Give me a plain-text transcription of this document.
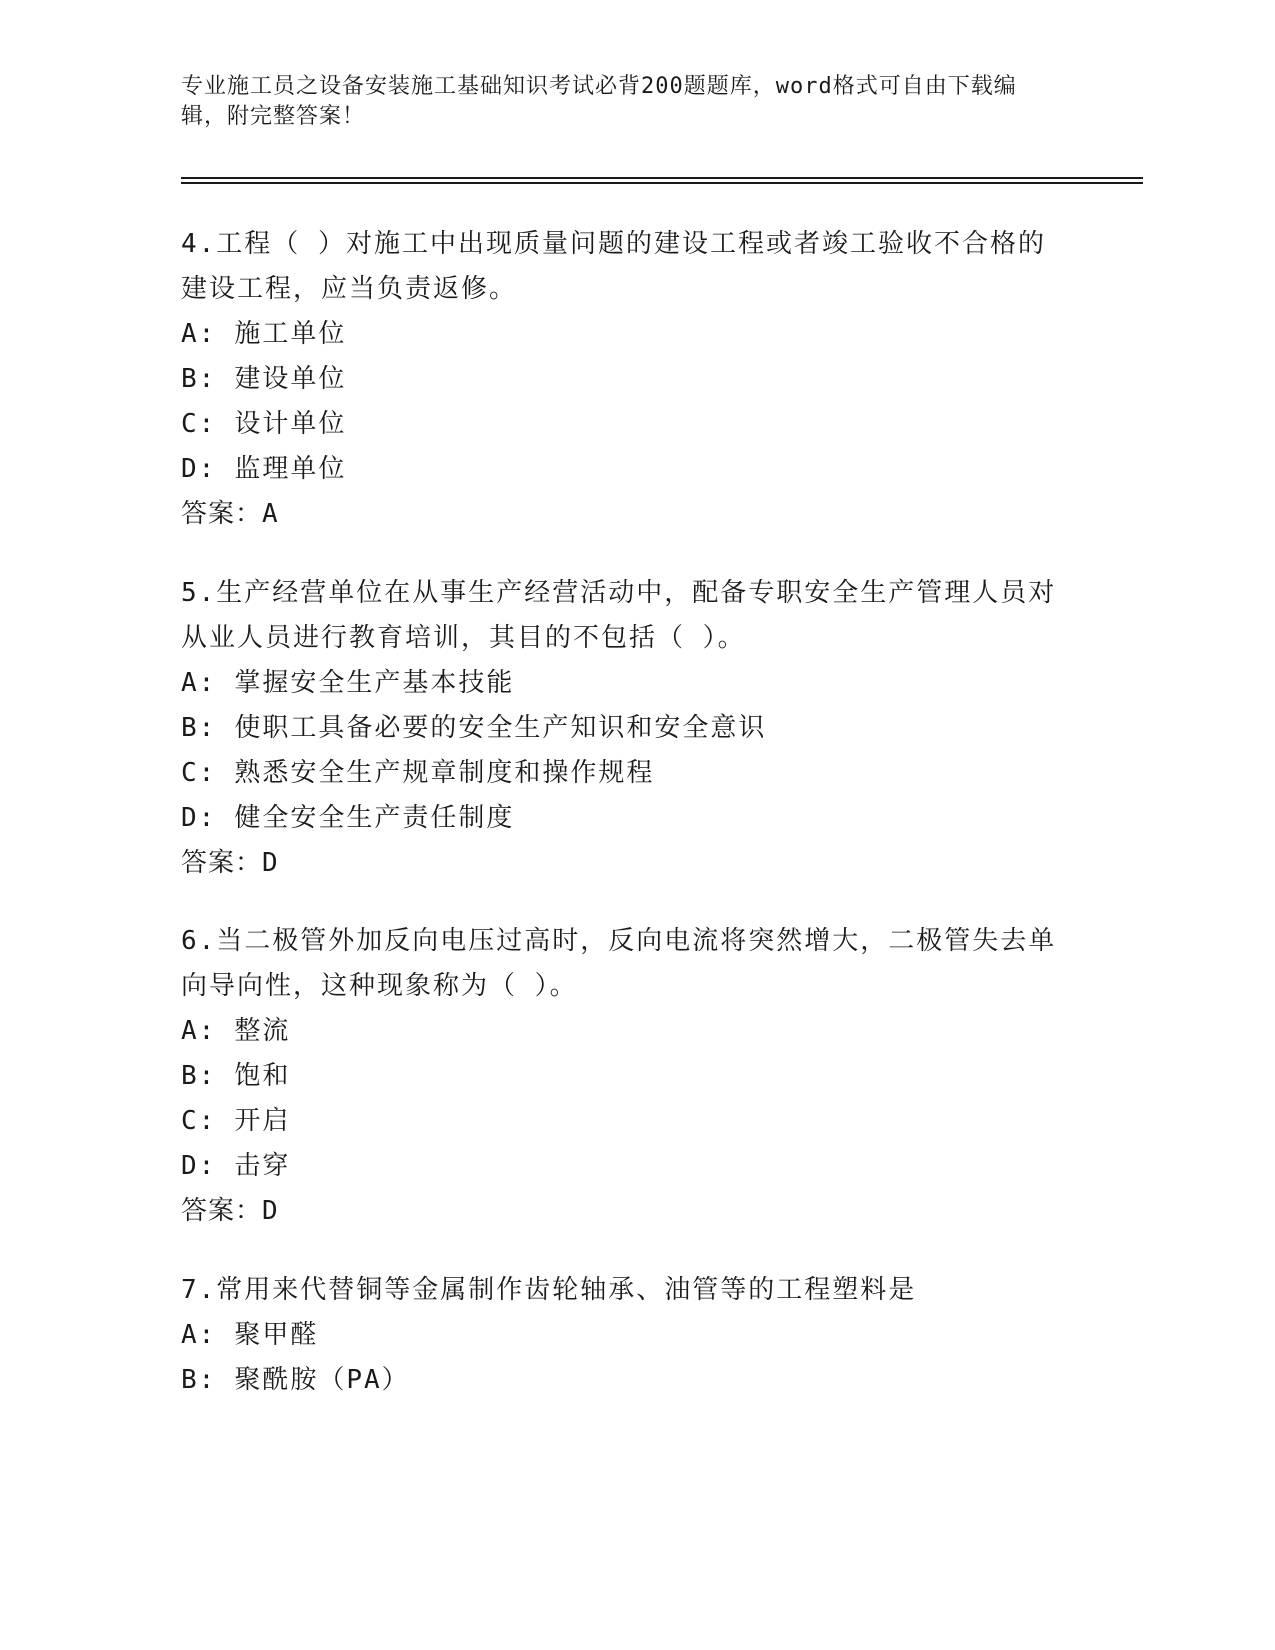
专业施工员之设备安装施工基础知识考试必背200题题库，word格式可自由下载编辑，附完整答案！
4.工程（ ）对施工中出现质量问题的建设工程或者竣工验收不合格的建设工程，应当负责返修。
A: 施工单位
B: 建设单位
C: 设计单位
D: 监理单位
答案：A
5.生产经营单位在从事生产经营活动中，配备专职安全生产管理人员对从业人员进行教育培训，其目的不包括（ ）。
A: 掌握安全生产基本技能
B: 使职工具备必要的安全生产知识和安全意识
C: 熟悉安全生产规章制度和操作规程
D: 健全安全生产责任制度
答案：D
6.当二极管外加反向电压过高时，反向电流将突然增大，二极管失去单向导向性，这种现象称为（ ）。
A: 整流
B: 饱和
C: 开启
D: 击穿
答案：D
7.常用来代替铜等金属制作齿轮轴承、油管等的工程塑料是
A: 聚甲醛
B: 聚酰胺（PA）
